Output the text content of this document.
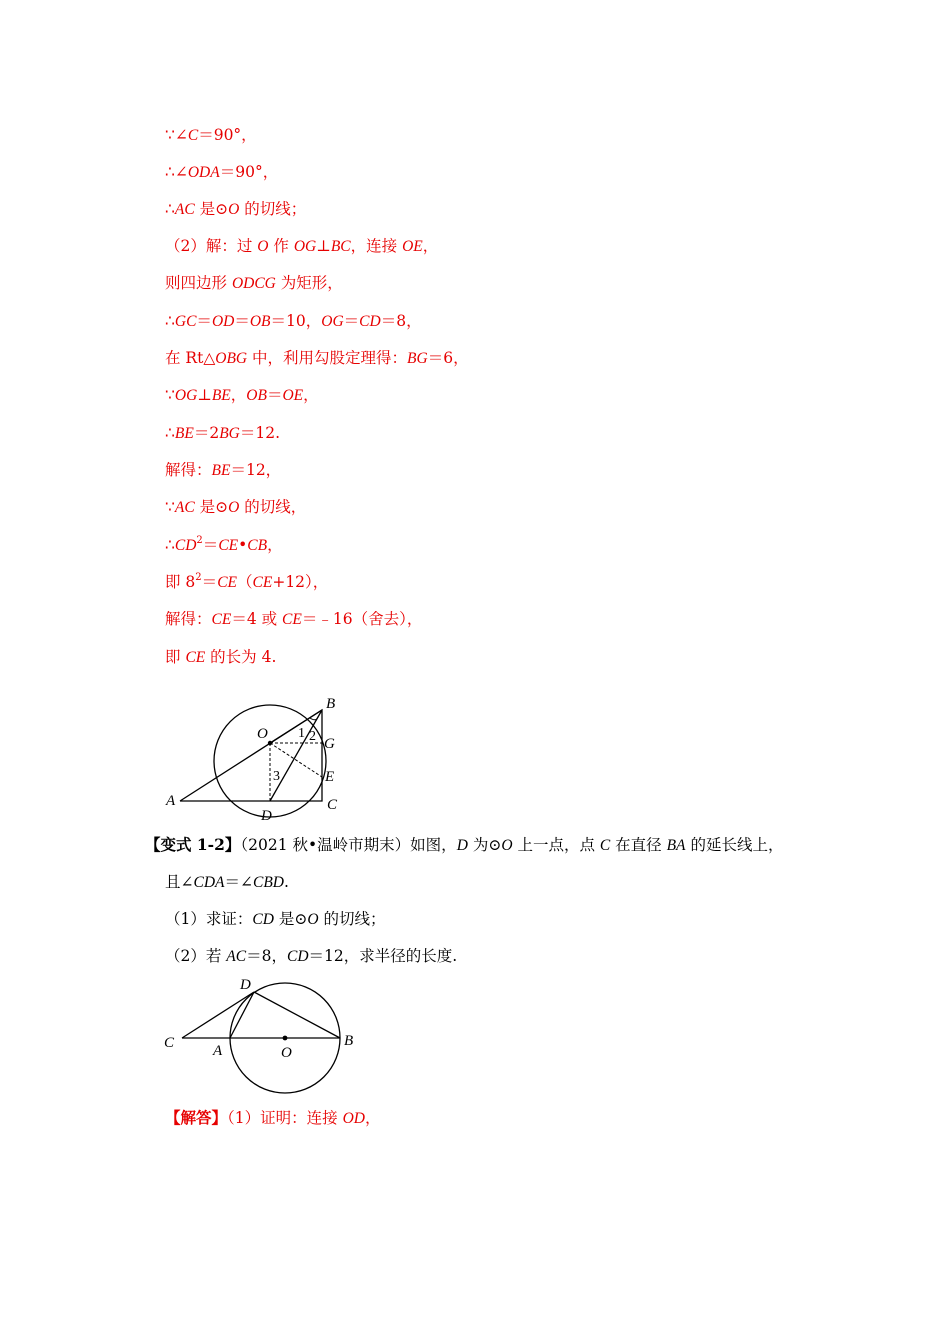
∵∠C＝90°，
∴∠ODA＝90°，
∴AC 是⊙O 的切线；
（2）解：过 O 作 OG⊥BC，连接 OE，
则四边形 ODCG 为矩形，
∴GC＝OD＝OB＝10，OG＝CD＝8，
在 Rt△OBG 中，利用勾股定理得：BG＝6，
∵OG⊥BE，OB＝OE，
∴BE＝2BG＝12.
解得：BE＝12，
∵AC 是⊙O 的切线，
$\therefore CD^2=CE•CB$，
即 $8^2=CE(CE+12)$，
解得：CE＝4 或 CE＝﹣16（舍去），
即 CE 的长为 4.
O
B
G
E
A
D
C
1 2
3
【变式 1-2】（2021 秋•温岭市期末）如图，D 为⊙O 上一点，点 C 在直径 BA 的延长线上，
且∠CDA＝∠CBD.
（1）求证：CD 是⊙O 的切线；
（2）若 AC＝8，CD＝12，求半径的长度.
D
C	A	O
B
【解答】（1）证明：连接 OD，
